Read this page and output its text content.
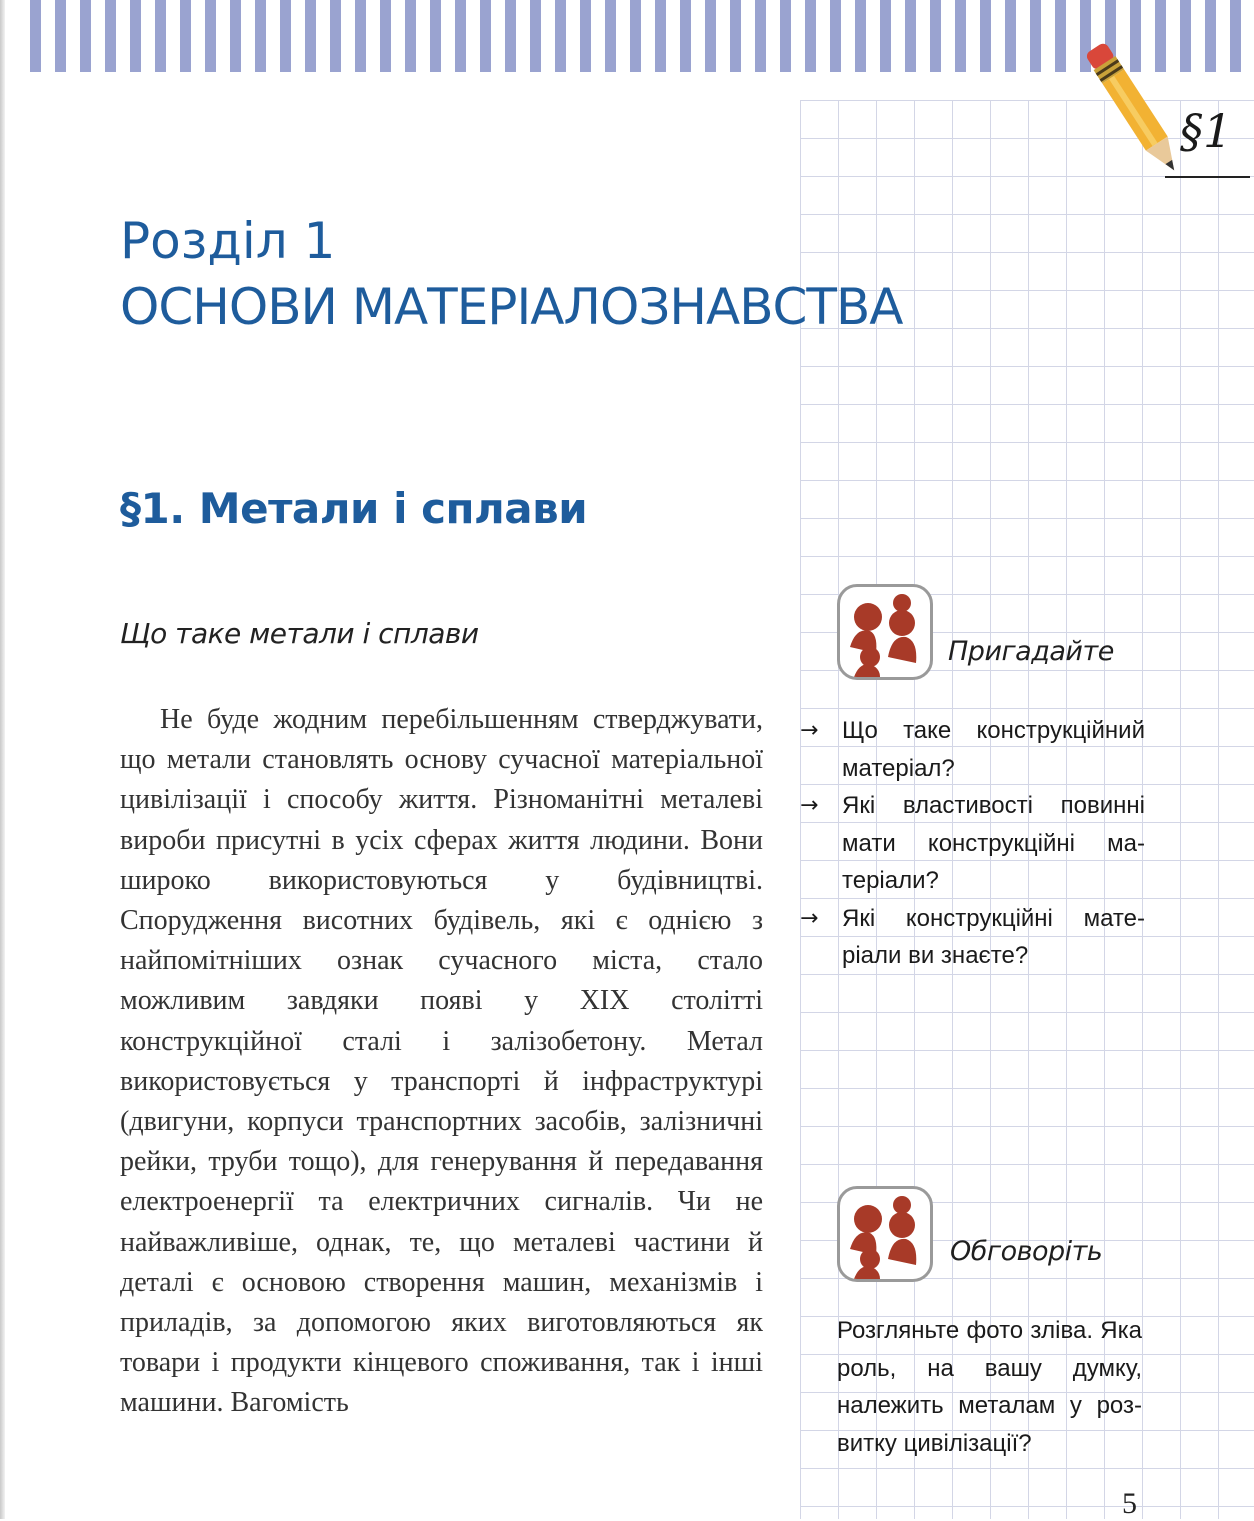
§1
Розділ 1
ОСНОВИ МАТЕРІАЛОЗНАВСТВА
§1. Метали і сплави
Що таке метали і сплави

Не буде жодним перебільшенням стверджувати, що метали становлять основу сучасної матеріальної цивілізації і способу життя. Різноманітні металеві вироби присутні в усіх сферах життя людини. Вони широко використовуються у будівництві. Спорудження висотних будівель, які є однією з найпомітніших ознак сучасного міста, стало можливим завдяки появі у XIX столітті конструкційної сталі і залізобетону. Метал використовується у транспорті й інфраструктурі (двигуни, корпуси транспортних засобів, залізничні рейки, труби тощо), для генерування й передавання електроенергії та електричних сигналів. Чи не найважливіше, однак, те, що металеві частини й деталі є основою створення машин, механізмів і приладів, за допомогою яких виготовляються як товари і продукти кінцевого споживання, так і інші машини. Вагомість

Пригадайте
→ Що таке конструкційний матеріал?
→ Які властивості повинні мати конструкційні матеріали?
→ Які конструкційні матеріали ви знаєте?
Обговоріть

Розгляньте фото зліва. Яка роль, на вашу думку, належить металам у розвитку цивілізації?

5
